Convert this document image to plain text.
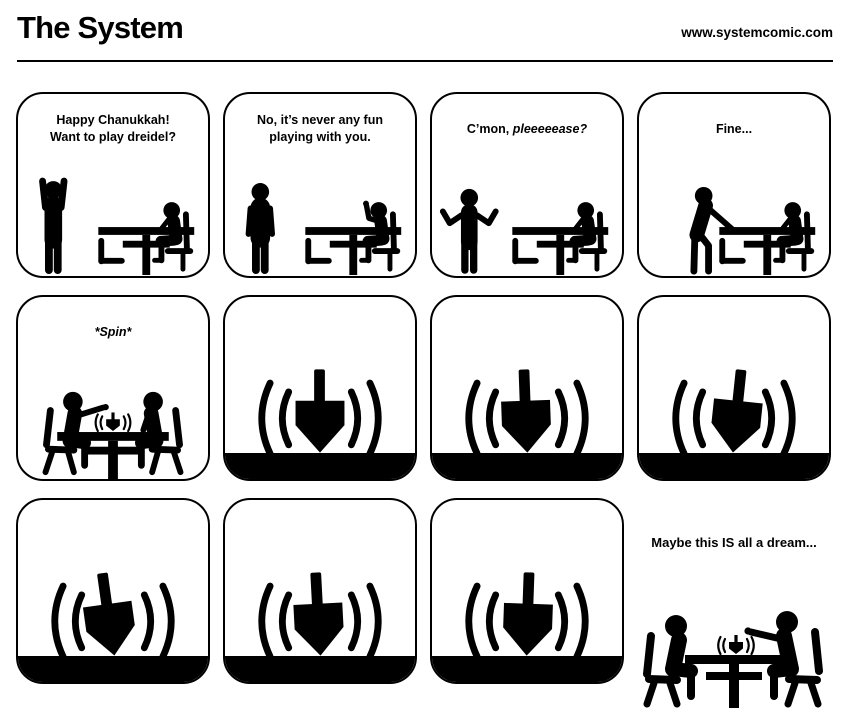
The System	www.systemcomic.com
Happy Chanukkah!
Want to play dreidel?
No, it’s never any fun
playing with you.
C’mon, pleeeeease?	Fine...
*Spin*
Maybe this IS all a dream...
